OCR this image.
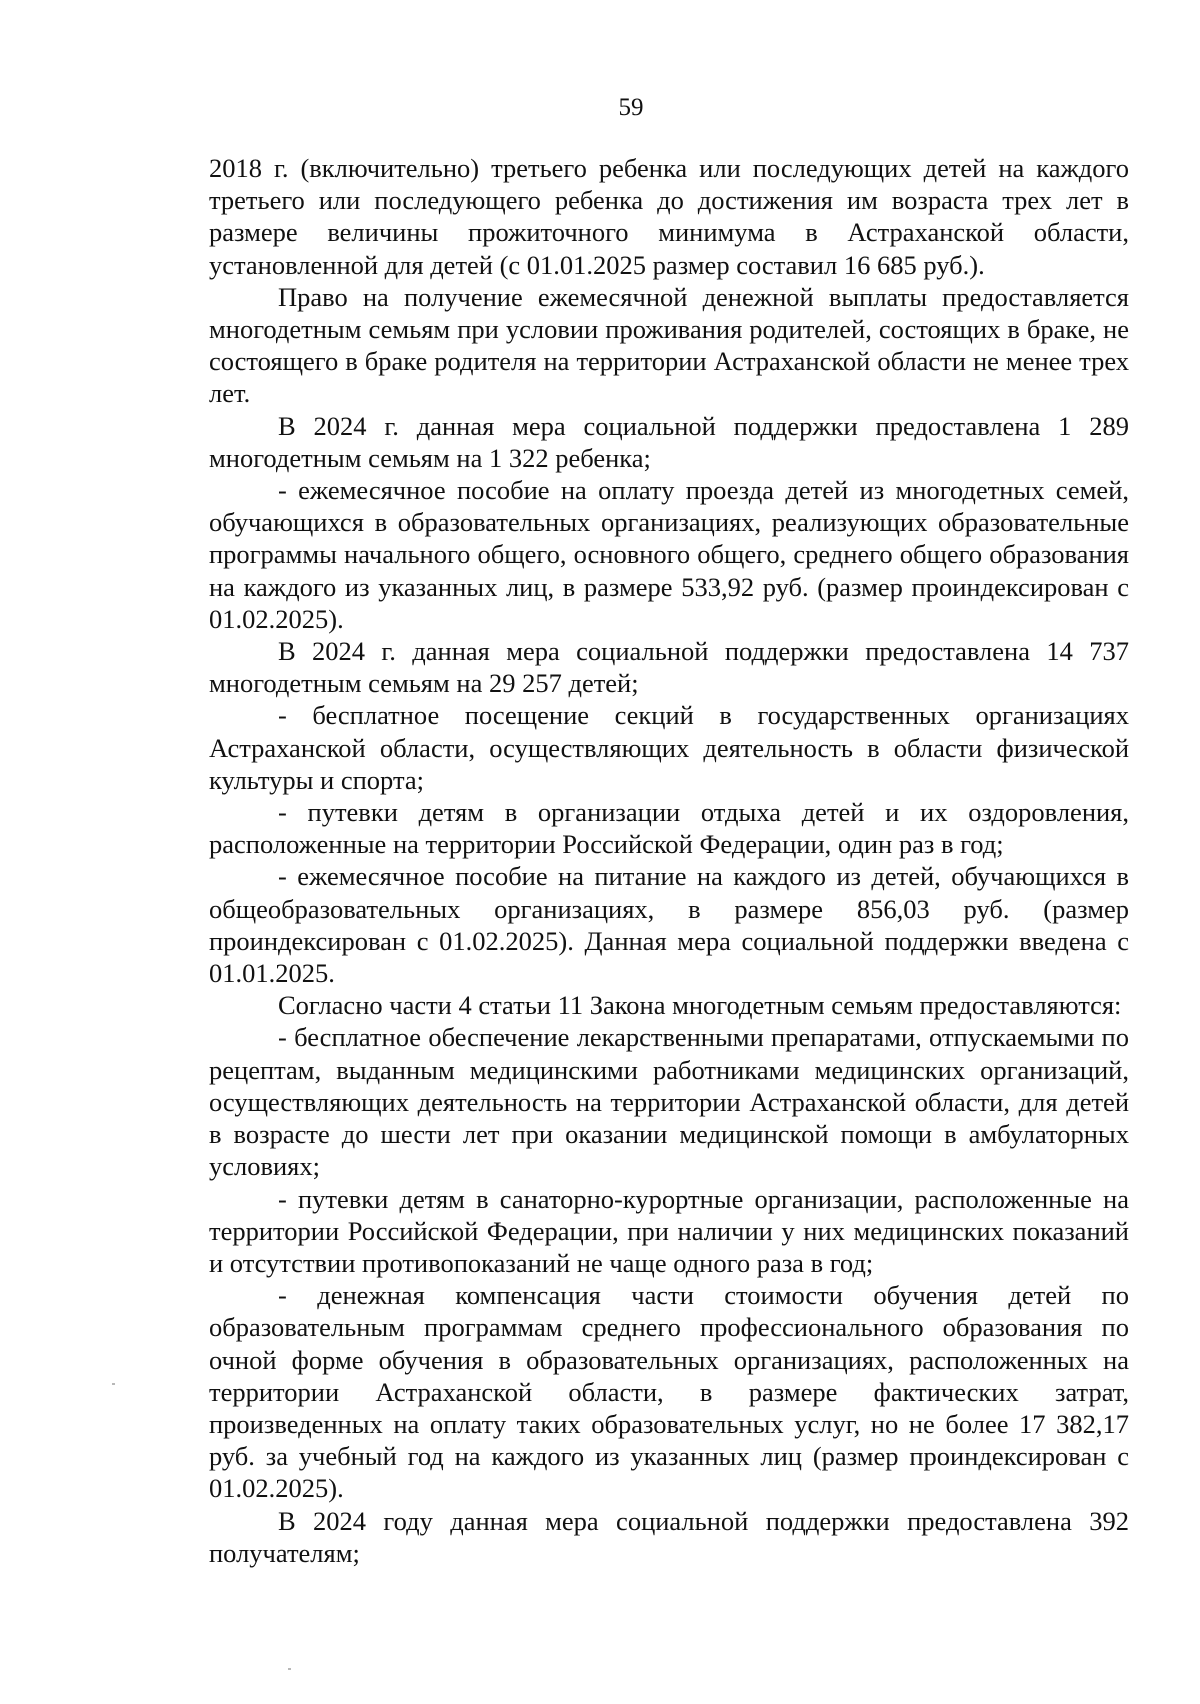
59

2018 г. (включительно) третьего ребенка или последующих детей на каждого третьего или последующего ребенка до достижения им возраста трех лет в размере величины прожиточного минимума в Астраханской области, установленной для детей (с 01.01.2025 размер составил 16 685 руб.).

Право на получение ежемесячной денежной выплаты предоставляется многодетным семьям при условии проживания родителей, состоящих в браке, не состоящего в браке родителя на территории Астраханской области не менее трех лет.

В 2024 г. данная мера социальной поддержки предоставлена 1 289 многодетным семьям на 1 322 ребенка;

- ежемесячное пособие на оплату проезда детей из многодетных семей, обучающихся в образовательных организациях, реализующих образовательные программы начального общего, основного общего, среднего общего образования на каждого из указанных лиц, в размере 533,92 руб. (размер проиндексирован с 01.02.2025).

В 2024 г. данная мера социальной поддержки предоставлена 14 737 многодетным семьям на 29 257 детей;

- бесплатное посещение секций в государственных организациях Астраханской области, осуществляющих деятельность в области физической культуры и спорта;

- путевки детям в организации отдыха детей и их оздоровления, расположенные на территории Российской Федерации, один раз в год;

- ежемесячное пособие на питание на каждого из детей, обучающихся в общеобразовательных организациях, в размере 856,03 руб. (размер проиндексирован с 01.02.2025). Данная мера социальной поддержки введена с 01.01.2025.

Согласно части 4 статьи 11 Закона многодетным семьям предоставляются:

- бесплатное обеспечение лекарственными препаратами, отпускаемыми по рецептам, выданным медицинскими работниками медицинских организаций, осуществляющих деятельность на территории Астраханской области, для детей в возрасте до шести лет при оказании медицинской помощи в амбулаторных условиях;

- путевки детям в санаторно-курортные организации, расположенные на территории Российской Федерации, при наличии у них медицинских показаний и отсутствии противопоказаний не чаще одного раза в год;

- денежная компенсация части стоимости обучения детей по образовательным программам среднего профессионального образования по очной форме обучения в образовательных организациях, расположенных на территории Астраханской области, в размере фактических затрат, произведенных на оплату таких образовательных услуг, но не более 17 382,17 руб. за учебный год на каждого из указанных лиц (размер проиндексирован с 01.02.2025).

В 2024 году данная мера социальной поддержки предоставлена 392 получателям;
